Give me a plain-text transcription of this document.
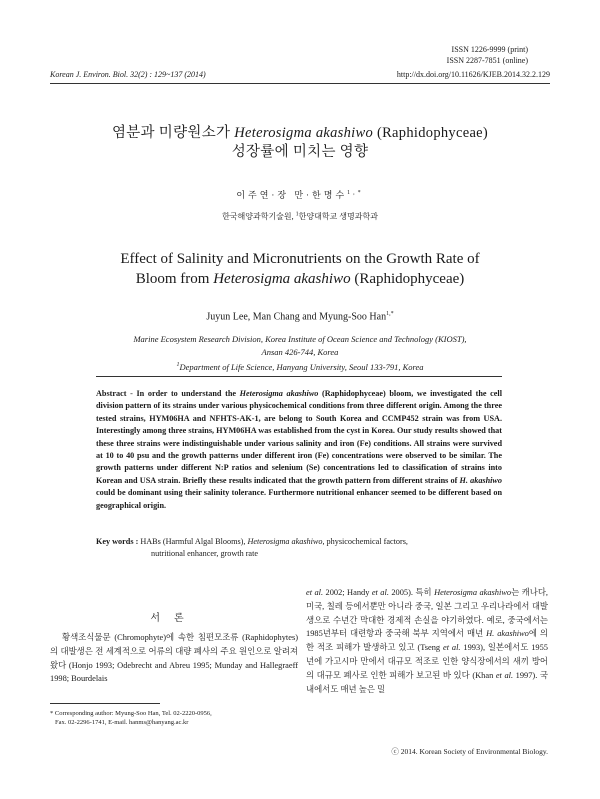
ISSN 1226-9999 (print)
ISSN 2287-7851 (online)
Korean J. Environ. Biol. 32(2) : 129~137 (2014)	http://dx.doi.org/10.11626/KJEB.2014.32.2.129
염분과 미량원소가 Heterosigma akashiwo (Raphidophyceae)
성장률에 미치는 영향
이주연·장 만·한명수$^{1,*}$
한국해양과학기술원, $^1$한양대학교 생명과학과
Effect of Salinity and Micronutrients on the Growth Rate of
Bloom from Heterosigma akashiwo (Raphidophyceae)
Juyun Lee, Man Chang and Myung-Soo Han$^{1,*}$
Marine Ecosystem Research Division, Korea Institute of Ocean Science and Technology (KIOST),
Ansan 426-744, Korea
$^1$Department of Life Science, Hanyang University, Seoul 133-791, Korea
Abstract - In order to understand the Heterosigma akashiwo (Raphidophyceae) bloom, we investigated the cell division pattern of its strains under various physicochemical conditions from three different origin. Among the three tested strains, HYM06HA and NFHTS-AK-1, are belong to South Korea and CCMP452 strain was from USA. Interestingly among three strains, HYM06HA was established from the cyst in Korea. Our study results showed that these three strains were indistinguishable under various salinity and iron (Fe) conditions. All strains were survived at 10 to 40 psu and the growth patterns under different iron (Fe) concentrations were observed to be similar. The growth patterns under different N:P ratios and selenium (Se) concentrations led to classification of strains into Korean and USA strain. Briefly these results indicated that the growth pattern from different strains of H. akashiwo could be dominant using their salinity tolerance. Furthermore nutritional enhancer seemed to be different based on geographical origin.
Key words : HABs (Harmful Algal Blooms), Heterosigma akashiwo, physicochemical factors,
nutritional enhancer, growth rate
서론
황색조식물문 (Chromophyte)에 속한 침편모조류 (Raphidophytes)의 대발생은 전 세계적으로 어류의 대량 폐사의 주요 원인으로 알려져 왔다 (Honjo 1993; Odebrecht and Abreu 1995; Munday and Hallegraeff 1998; Bourdelais
* Corresponding author: Myung-Soo Han, Tel. 02-2220-0956,
Fax. 02-2296-1741, E-mail. hanms@hanyang.ac.kr
et al. 2002; Handy et al. 2005). 특히 Heterosigma akashiwo는 캐나다, 미국, 칠레 등에서뿐만 아니라 중국, 일본 그리고 우리나라에서 대발생으로 수년간 막대한 경제적 손실을 야기하였다. 예로, 중국에서는 1985년부터 대련항과 중국해 북부 지역에서 매년 H. akashiwo에 의한 적조 피해가 발생하고 있고 (Tseng et al. 1993), 일본에서도 1955년에 가고시마 만에서 대규모 적조로 인한 양식장에서의 새끼 방어의 대규모 폐사로 인한 피해가 보고된 바 있다 (Khan et al. 1997). 국내에서도 매년 높은 밀
ⓒ 2014. Korean Society of Environmental Biology.
